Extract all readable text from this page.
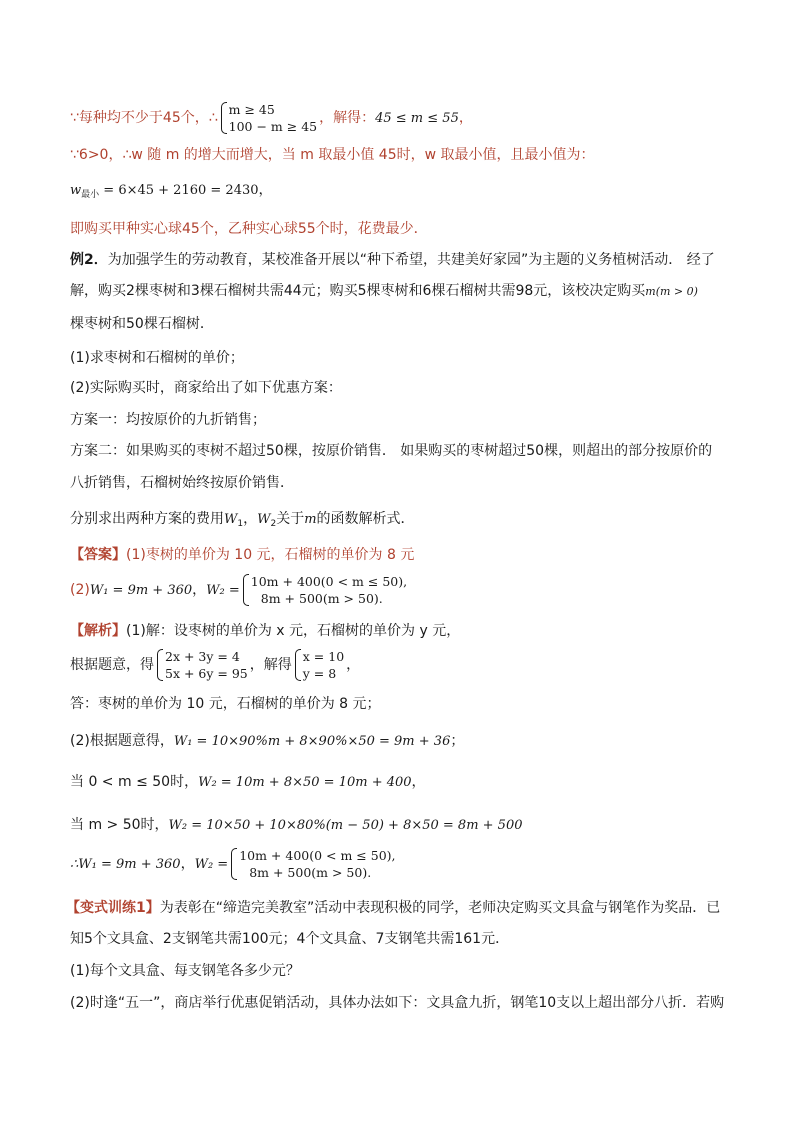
∵每种均不少于45个，∴
m ≥ 45
100 − m ≥ 45
，解得：45 ≤ m ≤ 55，
∵6>0，∴w 随 m 的增大而增大，当 m 取最小值 45时，w 取最小值，且最小值为：
$w_{最小} = 6\times 45 + 2160 = 2430$，
即购买甲种实心球45个，乙种实心球55个时，花费最少．
例2．为加强学生的劳动教育，某校准备开展以“种下希望，共建美好家园”为主题的义务植树活动． 经了
解，购买2棵枣树和3棵石榴树共需44元；购买5棵枣树和6棵石榴树共需98元，该校决定购买m(m > 0)
棵枣树和50棵石榴树．
(1)求枣树和石榴树的单价；
(2)实际购买时，商家给出了如下优惠方案：
方案一：均按原价的九折销售；
方案二：如果购买的枣树不超过50棵，按原价销售． 如果购买的枣树超过50棵，则超出的部分按原价的
八折销售，石榴树始终按原价销售．
分别求出两种方案的费用$W_1$，$W_2$关于m的函数解析式．
【答案】(1)枣树的单价为 10 元，石榴树的单价为 8 元
(2)W₁ = 9m + 360，W₂ =
10m + 400(0 < m ≤ 50),
8m + 500(m > 50).
【解析】(1)解：设枣树的单价为 x 元，石榴树的单价为 y 元，
根据题意，得
2x + 3y = 4
5x + 6y = 95
，解得
x = 10
y = 8
，
答：枣树的单价为 10 元，石榴树的单价为 8 元；
(2)根据题意得，W₁ = 10×90%m + 8×90%×50 = 9m + 36；
当 0 < m ≤ 50时，W₂ = 10m + 8×50 = 10m + 400，
当 m > 50时，W₂ = 10×50 + 10×80%(m − 50) + 8×50 = 8m + 500
∴W₁ = 9m + 360，W₂ =
10m + 400(0 < m ≤ 50),
8m + 500(m > 50).
【变式训练1】为表彰在“缔造完美教室”活动中表现积极的同学，老师决定购买文具盒与钢笔作为奖品．已
知5个文具盒、2支钢笔共需100元；4个文具盒、7支钢笔共需161元．
(1)每个文具盒、每支钢笔各多少元？
(2)时逢“五一”，商店举行优惠促销活动，具体办法如下：文具盒九折，钢笔10支以上超出部分八折．若购
